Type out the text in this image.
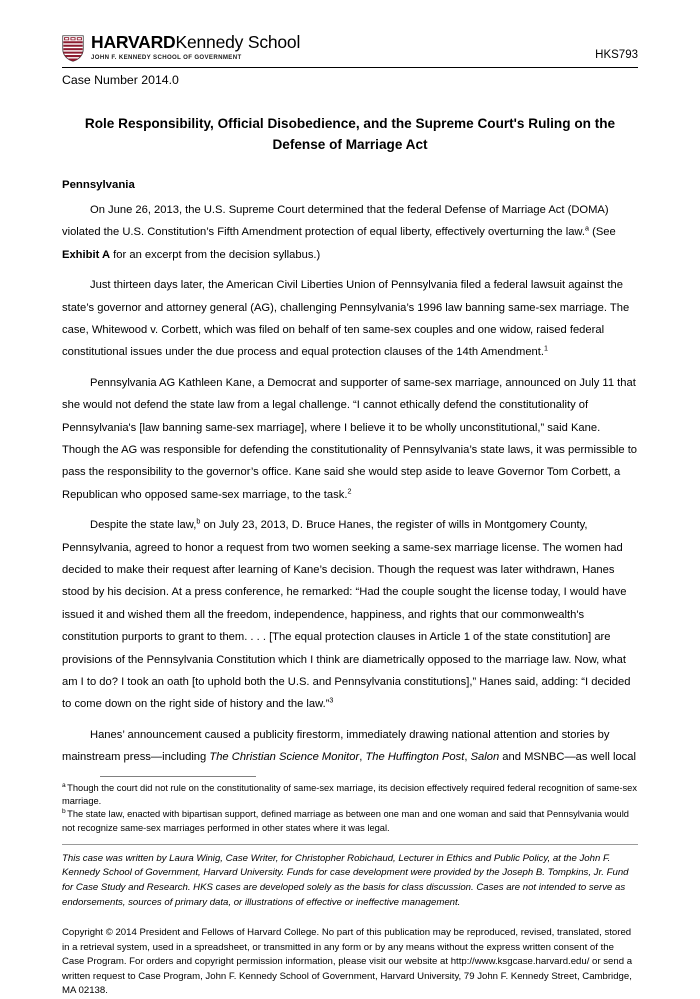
HARVARDKennedy School
JOHN F. KENNEDY SCHOOL OF GOVERNMENT	HKS793
Case Number 2014.0
Role Responsibility, Official Disobedience, and the Supreme Court's Ruling on the Defense of Marriage Act
Pennsylvania

On June 26, 2013, the U.S. Supreme Court determined that the federal Defense of Marriage Act (DOMA) violated the U.S. Constitution’s Fifth Amendment protection of equal liberty, effectively overturning the law.$^a$ (See Exhibit A for an excerpt from the decision syllabus.)

Just thirteen days later, the American Civil Liberties Union of Pennsylvania filed a federal lawsuit against the state’s governor and attorney general (AG), challenging Pennsylvania’s 1996 law banning same-sex marriage. The case, Whitewood v. Corbett, which was filed on behalf of ten same-sex couples and one widow, raised federal constitutional issues under the due process and equal protection clauses of the 14th Amendment.$^1$

Pennsylvania AG Kathleen Kane, a Democrat and supporter of same-sex marriage, announced on July 11 that she would not defend the state law from a legal challenge. “I cannot ethically defend the constitutionality of Pennsylvania's [law banning same-sex marriage], where I believe it to be wholly unconstitutional,” said Kane. Though the AG was responsible for defending the constitutionality of Pennsylvania’s state laws, it was permissible to pass the responsibility to the governor’s office. Kane said she would step aside to leave Governor Tom Corbett, a Republican who opposed same-sex marriage, to the task.$^2$

Despite the state law,$^b$ on July 23, 2013, D. Bruce Hanes, the register of wills in Montgomery County, Pennsylvania, agreed to honor a request from two women seeking a same-sex marriage license. The women had decided to make their request after learning of Kane’s decision. Though the request was later withdrawn, Hanes stood by his decision. At a press conference, he remarked: “Had the couple sought the license today, I would have issued it and wished them all the freedom, independence, happiness, and rights that our commonwealth's constitution purports to grant to them. . . . [The equal protection clauses in Article 1 of the state constitution] are provisions of the Pennsylvania Constitution which I think are diametrically opposed to the marriage law. Now, what am I to do? I took an oath [to uphold both the U.S. and Pennsylvania constitutions],” Hanes said, adding: “I decided to come down on the right side of history and the law.”$^3$

Hanes’ announcement caused a publicity firestorm, immediately drawing national attention and stories by mainstream press—including The Christian Science Monitor, The Huffington Post, Salon and MSNBC—as well local

$^a$ Though the court did not rule on the constitutionality of same-sex marriage, its decision effectively required federal recognition of same-sex marriage.

$^b$ The state law, enacted with bipartisan support, defined marriage as between one man and one woman and said that Pennsylvania would not recognize same-sex marriages performed in other states where it was legal.

This case was written by Laura Winig, Case Writer, for Christopher Robichaud, Lecturer in Ethics and Public Policy, at the John F. Kennedy School of Government, Harvard University. Funds for case development were provided by the Joseph B. Tompkins, Jr. Fund for Case Study and Research. HKS cases are developed solely as the basis for class discussion. Cases are not intended to serve as endorsements, sources of primary data, or illustrations of effective or ineffective management.

Copyright © 2014 President and Fellows of Harvard College. No part of this publication may be reproduced, revised, translated, stored in a retrieval system, used in a spreadsheet, or transmitted in any form or by any means without the express written consent of the Case Program. For orders and copyright permission information, please visit our website at http://www.ksgcase.harvard.edu/ or send a written request to Case Program, John F. Kennedy School of Government, Harvard University, 79 John F. Kennedy Street, Cambridge, MA 02138.
